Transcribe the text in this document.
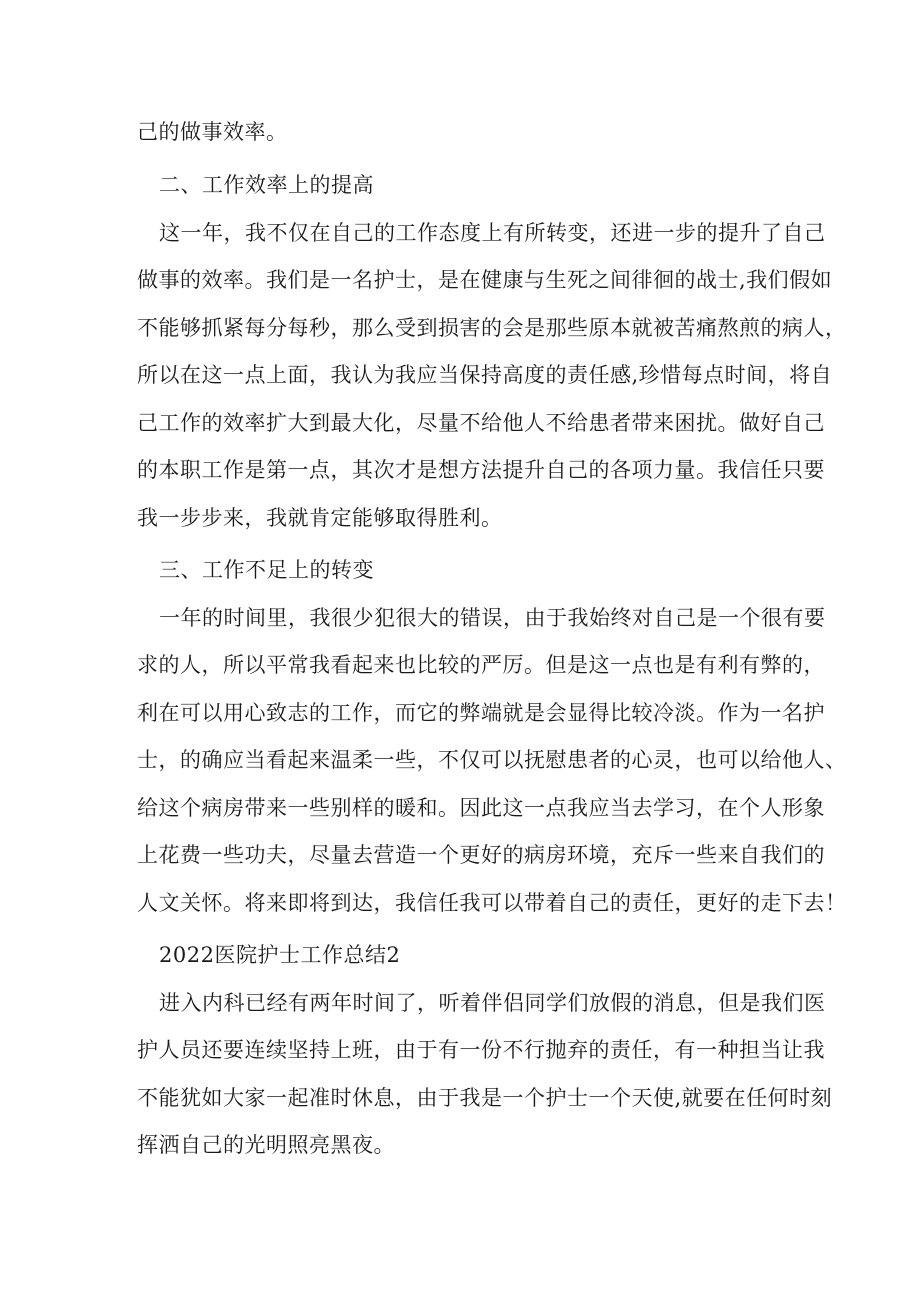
己的做事效率。
二、工作效率上的提高
这一年，我不仅在自己的工作态度上有所转变，还进一步的提升了自己
做事的效率。我们是一名护士，是在健康与生死之间徘徊的战士,我们假如
不能够抓紧每分每秒，那么受到损害的会是那些原本就被苦痛熬煎的病人，
所以在这一点上面，我认为我应当保持高度的责任感,珍惜每点时间，将自
己工作的效率扩大到最大化，尽量不给他人不给患者带来困扰。做好自己
的本职工作是第一点，其次才是想方法提升自己的各项力量。我信任只要
我一步步来，我就肯定能够取得胜利。
三、工作不足上的转变
一年的时间里，我很少犯很大的错误，由于我始终对自己是一个很有要
求的人，所以平常我看起来也比较的严厉。但是这一点也是有利有弊的，
利在可以用心致志的工作，而它的弊端就是会显得比较冷淡。作为一名护
士，的确应当看起来温柔一些，不仅可以抚慰患者的心灵，也可以给他人、
给这个病房带来一些别样的暖和。因此这一点我应当去学习，在个人形象
上花费一些功夫，尽量去营造一个更好的病房环境，充斥一些来自我们的
人文关怀。将来即将到达，我信任我可以带着自己的责任，更好的走下去！
2022医院护士工作总结2
进入内科已经有两年时间了，听着伴侣同学们放假的消息，但是我们医
护人员还要连续坚持上班，由于有一份不行抛弃的责任，有一种担当让我
不能犹如大家一起准时休息，由于我是一个护士一个天使,就要在任何时刻
挥洒自己的光明照亮黑夜。
